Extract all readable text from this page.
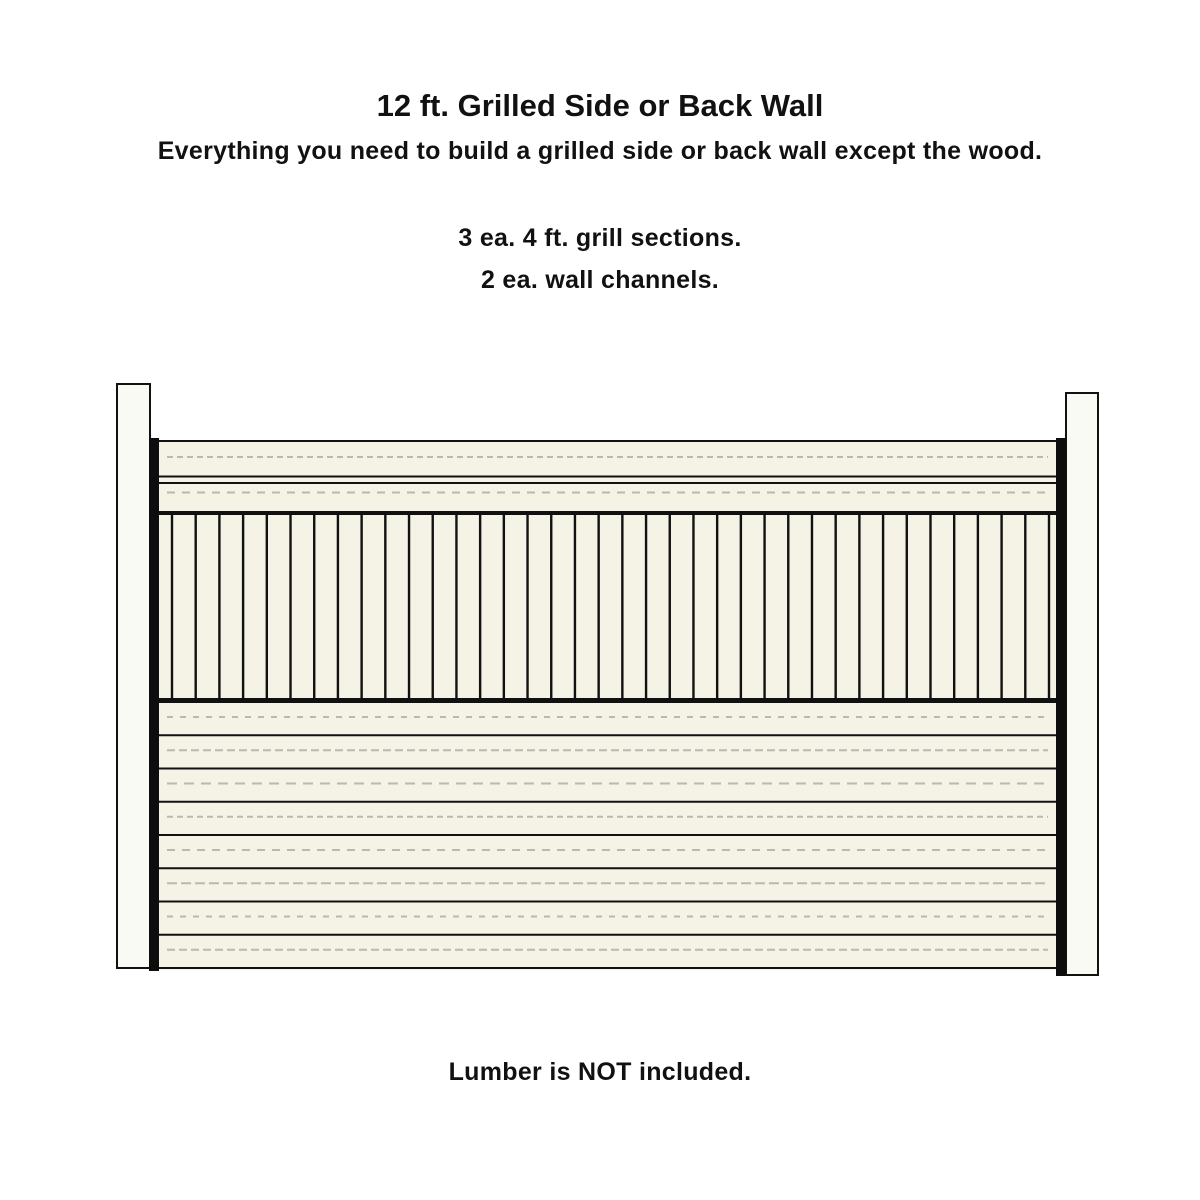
12 ft. Grilled Side or Back Wall
Everything you need to build a grilled side or back wall except the wood.
3 ea. 4 ft. grill sections.
2 ea. wall channels.
Lumber is NOT included.
